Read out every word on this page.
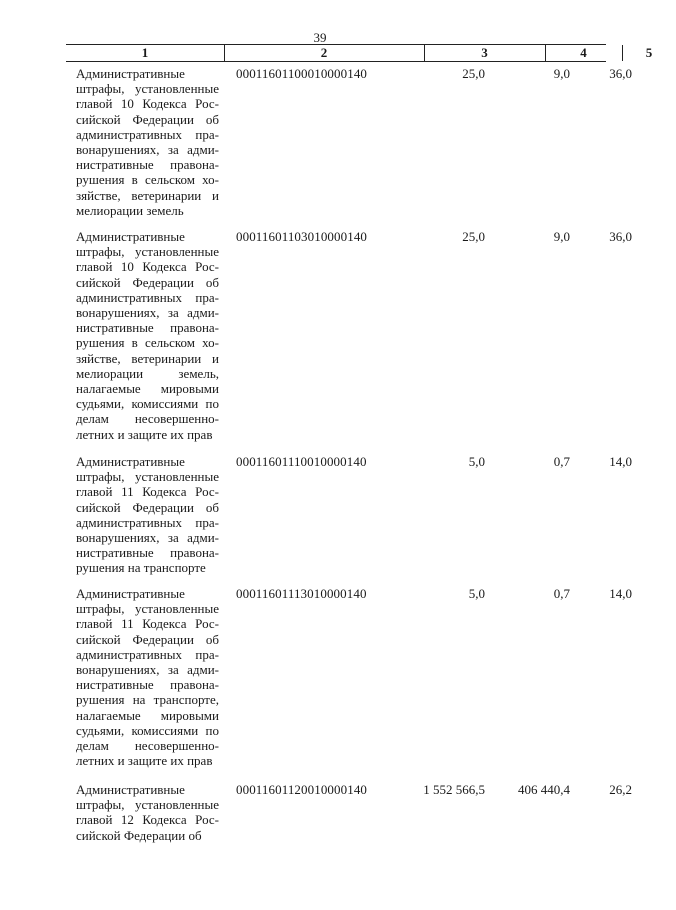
39
1	2	3	4	5
Административные
штрафы, установленные
главой 10 Кодекса Рос-
сийской Федерации об
административных пра-
вонарушениях, за адми-
нистративные правона-
рушения в сельском хо-
зяйстве, ветеринарии и
мелиорации земель
00011601100010000140	25,0	9,0	36,0
Административные
штрафы, установленные
главой 10 Кодекса Рос-
сийской Федерации об
административных пра-
вонарушениях, за адми-
нистративные правона-
рушения в сельском хо-
зяйстве, ветеринарии и
мелиорации земель,
налагаемые мировыми
судьями, комиссиями по
делам несовершенно-
летних и защите их прав
00011601103010000140	25,0	9,0	36,0
Административные
штрафы, установленные
главой 11 Кодекса Рос-
сийской Федерации об
административных пра-
вонарушениях, за адми-
нистративные правона-
рушения на транспорте
00011601110010000140	5,0	0,7	14,0
Административные
штрафы, установленные
главой 11 Кодекса Рос-
сийской Федерации об
административных пра-
вонарушениях, за адми-
нистративные правона-
рушения на транспорте,
налагаемые мировыми
судьями, комиссиями по
делам несовершенно-
летних и защите их прав
00011601113010000140	5,0	0,7	14,0
Административные
штрафы, установленные
главой 12 Кодекса Рос-
сийской Федерации об
00011601120010000140	1 552 566,5	406 440,4	26,2
